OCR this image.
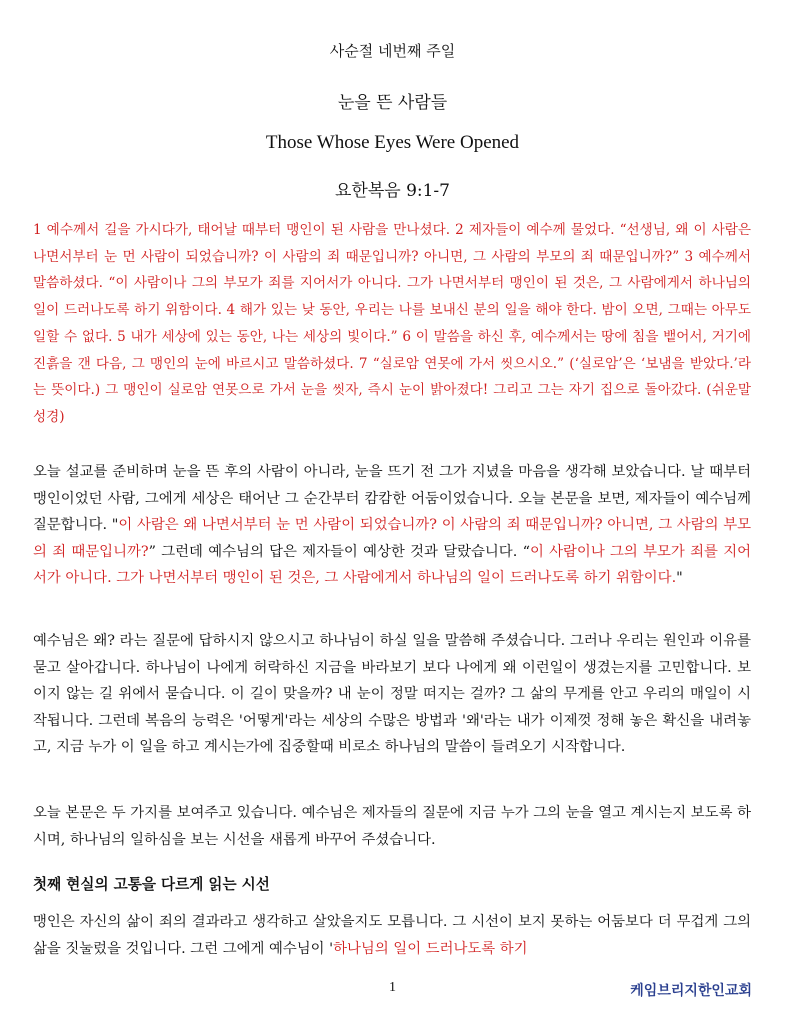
사순절 네번째 주일
눈을 뜬 사람들
Those Whose Eyes Were Opened
요한복음 9:1-7
1 예수께서 길을 가시다가, 태어날 때부터 맹인이 된 사람을 만나셨다. 2 제자들이 예수께 물었다. “선생님, 왜 이 사람은 나면서부터 눈 먼 사람이 되었습니까? 이 사람의 죄 때문입니까? 아니면, 그 사람의 부모의 죄 때문입니까?” 3 예수께서 말씀하셨다. “이 사람이나 그의 부모가 죄를 지어서가 아니다. 그가 나면서부터 맹인이 된 것은, 그 사람에게서 하나님의 일이 드러나도록 하기 위함이다. 4 해가 있는 낮 동안, 우리는 나를 보내신 분의 일을 해야 한다. 밤이 오면, 그때는 아무도 일할 수 없다. 5 내가 세상에 있는 동안, 나는 세상의 빛이다.” 6 이 말씀을 하신 후, 예수께서는 땅에 침을 뱉어서, 거기에 진흙을 갠 다음, 그 맹인의 눈에 바르시고 말씀하셨다. 7 “실로암 연못에 가서 씻으시오.” (‘실로암’은 ‘보냄을 받았다.’라는 뜻이다.) 그 맹인이 실로암 연못으로 가서 눈을 씻자, 즉시 눈이 밝아졌다! 그리고 그는 자기 집으로 돌아갔다. (쉬운말 성경)
오늘 설교를 준비하며 눈을 뜬 후의 사람이 아니라, 눈을 뜨기 전 그가 지녔을 마음을 생각해 보았습니다. 날 때부터 맹인이었던 사람, 그에게 세상은 태어난 그 순간부터 캄캄한 어둠이었습니다. 오늘 본문을 보면, 제자들이 예수님께 질문합니다. "이 사람은 왜 나면서부터 눈 먼 사람이 되었습니까? 이 사람의 죄 때문입니까? 아니면, 그 사람의 부모의 죄 때문입니까?” 그런데 예수님의 답은 제자들이 예상한 것과 달랐습니다. “이 사람이나 그의 부모가 죄를 지어서가 아니다. 그가 나면서부터 맹인이 된 것은, 그 사람에게서 하나님의 일이 드러나도록 하기 위함이다."
예수님은 왜? 라는 질문에 답하시지 않으시고 하나님이 하실 일을 말씀해 주셨습니다. 그러나 우리는 원인과 이유를 묻고 살아갑니다. 하나님이 나에게 허락하신 지금을 바라보기 보다 나에게 왜 이런일이 생겼는지를 고민합니다. 보이지 않는 길 위에서 묻습니다. 이 길이 맞을까? 내 눈이 정말 떠지는 걸까? 그 삶의 무게를 안고 우리의 매일이 시작됩니다. 그런데 복음의 능력은 '어떻게'라는 세상의 수많은 방법과 '왜'라는 내가 이제껏 정해 놓은 확신을 내려놓고, 지금 누가 이 일을 하고 계시는가에 집중할때 비로소 하나님의 말씀이 들려오기 시작합니다.
오늘 본문은 두 가지를 보여주고 있습니다. 예수님은 제자들의 질문에 지금 누가 그의 눈을 열고 계시는지 보도록 하시며, 하나님의 일하심을 보는 시선을 새롭게 바꾸어 주셨습니다.
첫째 현실의 고통을 다르게 읽는 시선
맹인은 자신의 삶이 죄의 결과라고 생각하고 살았을지도 모릅니다. 그 시선이 보지 못하는 어둠보다 더 무겁게 그의 삶을 짓눌렀을 것입니다. 그런 그에게 예수님이 '하나님의 일이 드러나도록 하기
1	케임브리지한인교회
